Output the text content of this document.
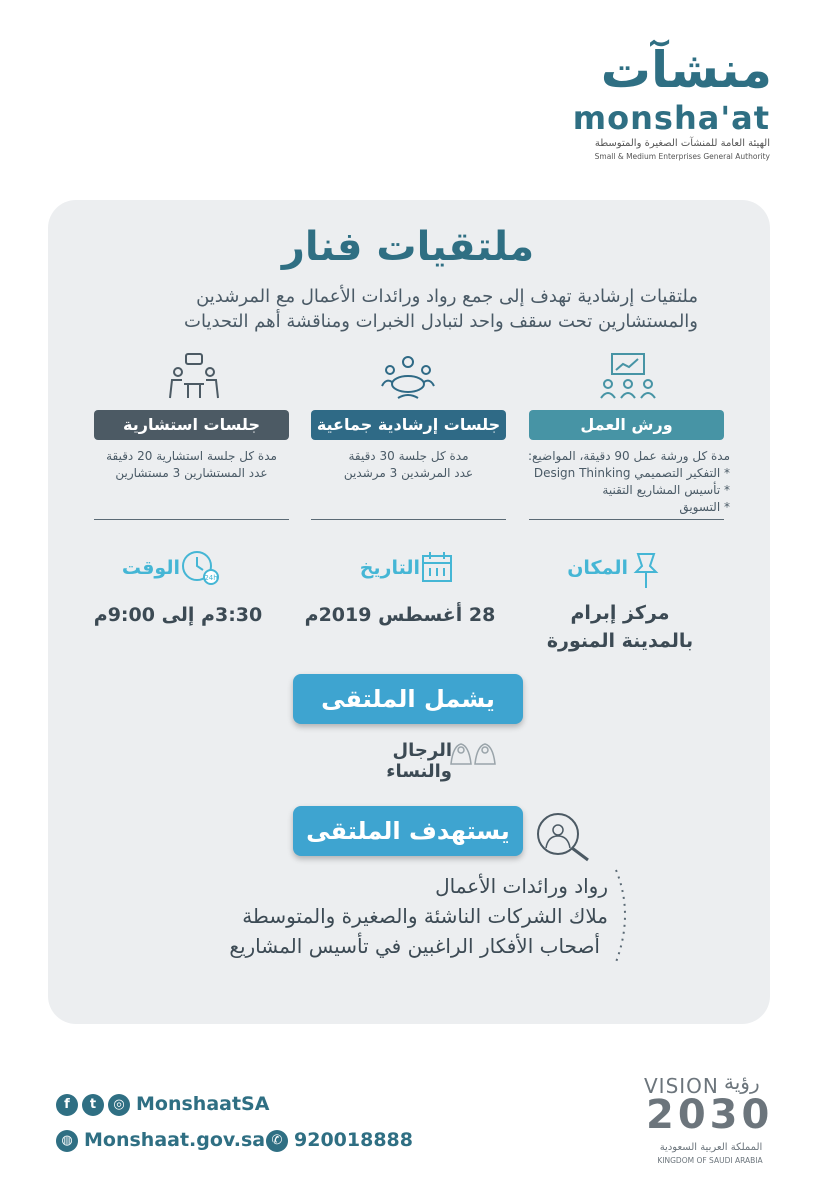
منشآت
monsha'at
الهيئة العامة للمنشآت الصغيرة والمتوسطة
Small & Medium Enterprises General Authority
ملتقيات فنار
ملتقيات إرشادية تهدف إلى جمع رواد ورائدات الأعمال مع المرشدين
والمستشارين تحت سقف واحد لتبادل الخبرات ومناقشة أهم التحديات
ورش العمل
جلسات إرشادية جماعية
جلسات استشارية
مدة كل ورشة عمل 90 دقيقة، المواضيع:
* التفكير التصميمي Design Thinking
* تأسيس المشاريع التقنية
* التسويق
مدة كل جلسة 30 دقيقة
عدد المرشدين 3 مرشدين
مدة كل جلسة استشارية 20 دقيقة
عدد المستشارين 3 مستشارين
المكان
التاريخ
الوقت	24h
مركز إبرام
بالمدينة المنورة
28 أغسطس 2019م
3:30م إلى 9:00م
يشمل الملتقى
الرجال والنساء
يستهدف الملتقى
رواد ورائدات الأعمال
ملاك الشركات الناشئة والصغيرة والمتوسطة
أصحاب الأفكار الراغبين في تأسيس المشاريع
f	t	◎ MonshaatSA
◍ Monshaat.gov.sa ✆ 920018888
VISION رؤية
2030
المملكة العربية السعودية
KINGDOM OF SAUDI ARABIA
